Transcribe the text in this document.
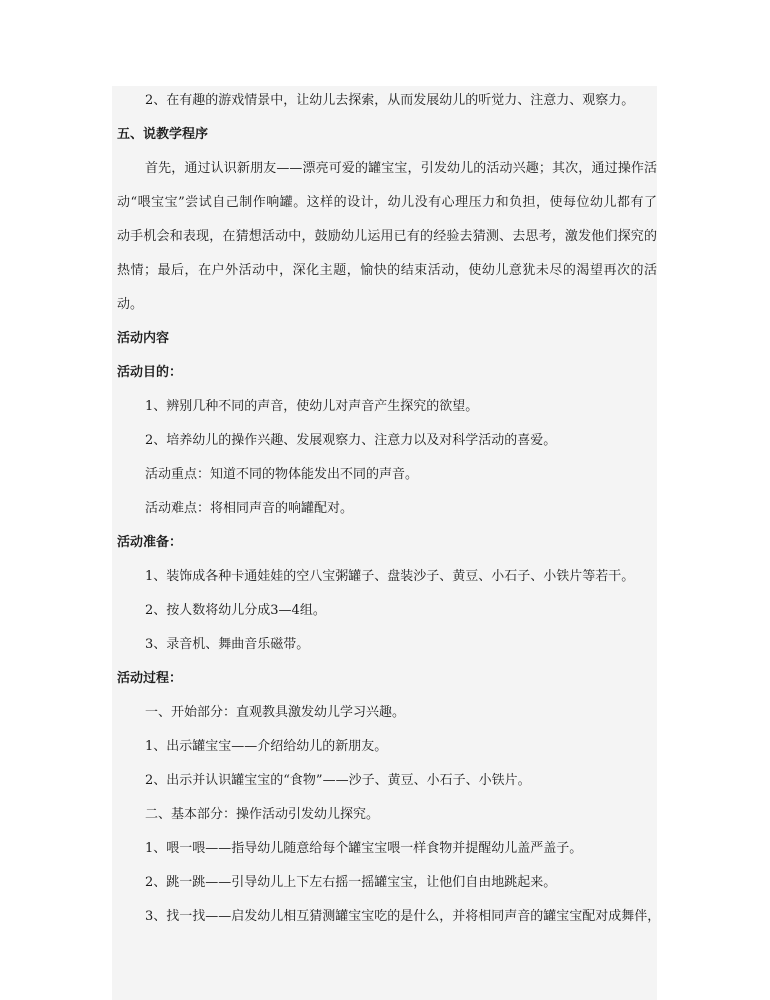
2、在有趣的游戏情景中，让幼儿去探索，从而发展幼儿的听觉力、注意力、观察力。
五、说教学程序
首先，通过认识新朋友——漂亮可爱的罐宝宝，引发幼儿的活动兴趣；其次，通过操作活
动“喂宝宝”尝试自己制作响罐。这样的设计，幼儿没有心理压力和负担，使每位幼儿都有了
动手机会和表现，在猜想活动中，鼓励幼儿运用已有的经验去猜测、去思考，激发他们探究的
热情；最后，在户外活动中，深化主题，愉快的结束活动，使幼儿意犹未尽的渴望再次的活
动。
活动内容
活动目的：
1、辨别几种不同的声音，使幼儿对声音产生探究的欲望。
2、培养幼儿的操作兴趣、发展观察力、注意力以及对科学活动的喜爱。
活动重点：知道不同的物体能发出不同的声音。
活动难点：将相同声音的响罐配对。
活动准备：
1、装饰成各种卡通娃娃的空八宝粥罐子、盘装沙子、黄豆、小石子、小铁片等若干。
2、按人数将幼儿分成3—4组。
3、录音机、舞曲音乐磁带。
活动过程：
一、开始部分：直观教具激发幼儿学习兴趣。
1、出示罐宝宝——介绍给幼儿的新朋友。
2、出示并认识罐宝宝的“食物”——沙子、黄豆、小石子、小铁片。
二、基本部分：操作活动引发幼儿探究。
1、喂一喂——指导幼儿随意给每个罐宝宝喂一样食物并提醒幼儿盖严盖子。
2、跳一跳——引导幼儿上下左右摇一摇罐宝宝，让他们自由地跳起来。
3、找一找——启发幼儿相互猜测罐宝宝吃的是什么，并将相同声音的罐宝宝配对成舞伴，
